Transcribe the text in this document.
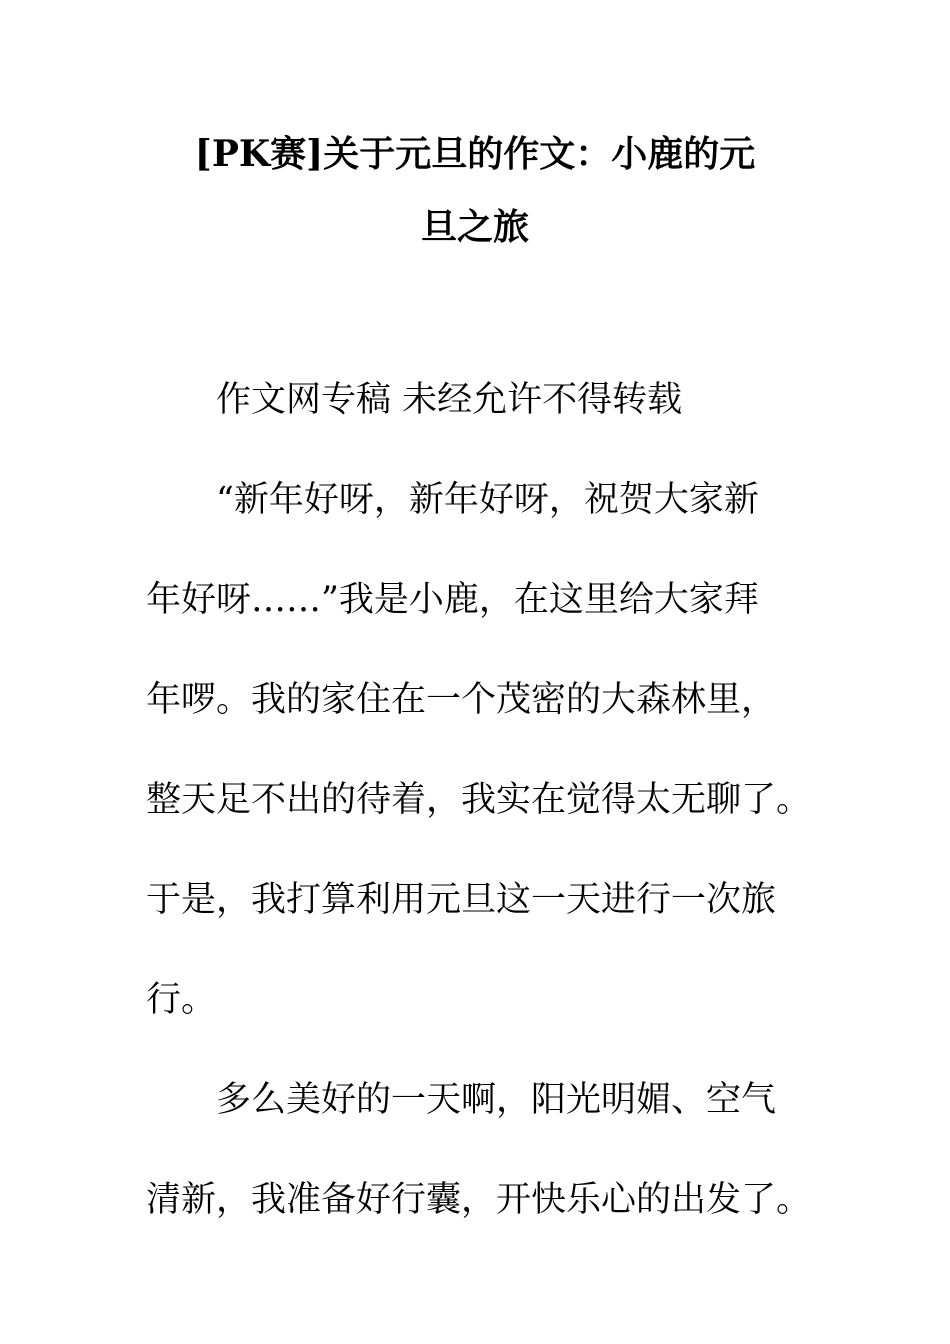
[PK赛]关于元旦的作文：小鹿的元
旦之旅
作文网专稿 未经允许不得转载
“新年好呀，新年好呀，祝贺大家新
年好呀……”我是小鹿，在这里给大家拜
年啰。我的家住在一个茂密的大森林里，
整天足不出的待着，我实在觉得太无聊了。
于是，我打算利用元旦这一天进行一次旅
行。
多么美好的一天啊，阳光明媚、空气
清新，我准备好行囊，开快乐心的出发了。
